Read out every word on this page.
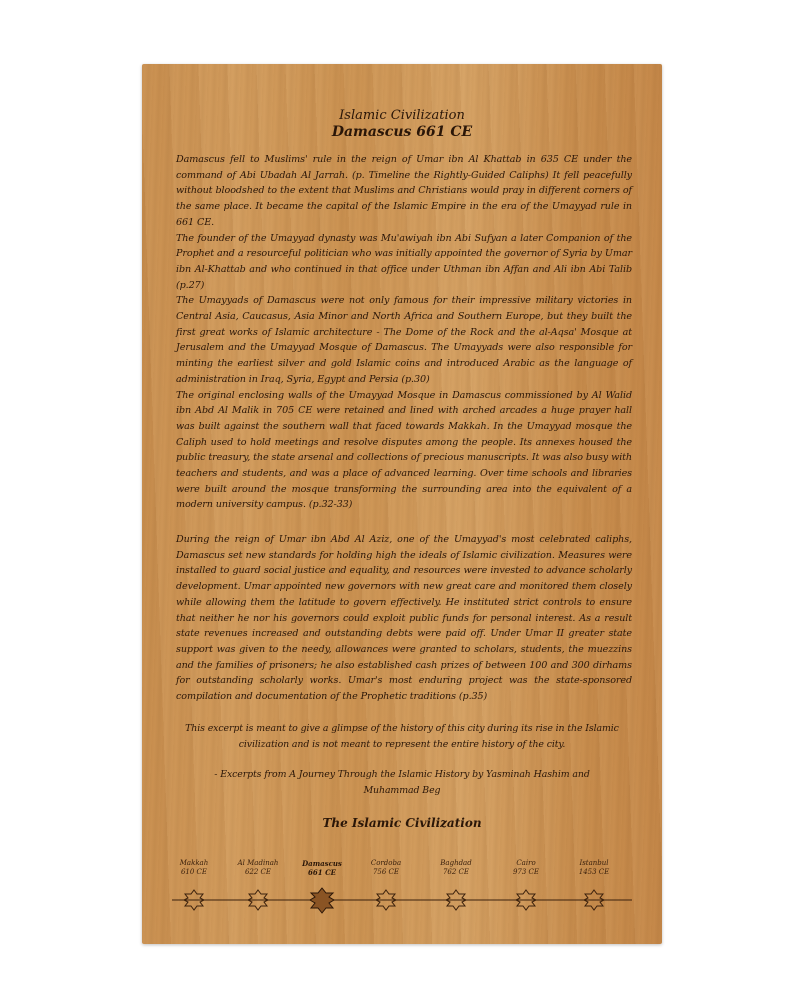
Islamic Civilization
Damascus 661 CE

Damascus fell to Muslims' rule in the reign of Umar ibn Al Khattab in 635 CE under the command of Abi Ubadah Al Jarrah. (p. Timeline the Rightly-Guided Caliphs) It fell peacefully without bloodshed to the extent that Muslims and Christians would pray in different corners of the same place. It became the capital of the Islamic Empire in the era of the Umayyad rule in 661 CE.
The founder of the Umayyad dynasty was Mu'awiyah ibn Abi Sufyan a later Companion of the Prophet and a resourceful politician who was initially appointed the governor of Syria by Umar ibn Al-Khattab and who continued in that office under Uthman ibn Affan and Ali ibn Abi Talib (p.27)
The Umayyads of Damascus were not only famous for their impressive military victories in Central Asia, Caucasus, Asia Minor and North Africa and Southern Europe, but they built the first great works of Islamic architecture - The Dome of the Rock and the al-Aqsa' Mosque at Jerusalem and the Umayyad Mosque of Damascus. The Umayyads were also responsible for minting the earliest silver and gold Islamic coins and introduced Arabic as the language of administration in Iraq, Syria, Egypt and Persia (p.30)
The original enclosing walls of the Umayyad Mosque in Damascus commissioned by Al Walid ibn Abd Al Malik in 705 CE were retained and lined with arched arcades a huge prayer hall was built against the southern wall that faced towards Makkah. In the Umayyad mosque the Caliph used to hold meetings and resolve disputes among the people. Its annexes housed the public treasury, the state arsenal and collections of precious manuscripts. It was also busy with teachers and students, and was a place of advanced learning. Over time schools and libraries were built around the mosque transforming the surrounding area into the equivalent of a modern university campus. (p.32-33)

During the reign of Umar ibn Abd Al Aziz, one of the Umayyad's most celebrated caliphs, Damascus set new standards for holding high the ideals of Islamic civilization. Measures were installed to guard social justice and equality, and resources were invested to advance scholarly development. Umar appointed new governors with new great care and monitored them closely while allowing them the latitude to govern effectively. He instituted strict controls to ensure that neither he nor his governors could exploit public funds for personal interest. As a result state revenues increased and outstanding debts were paid off. Under Umar II greater state support was given to the needy, allowances were granted to scholars, students, the muezzins and the families of prisoners; he also established cash prizes of between 100 and 300 dirhams for outstanding scholarly works. Umar's most enduring project was the state-sponsored compilation and documentation of the Prophetic traditions (p.35)

This excerpt is meant to give a glimpse of the history of this city during its rise in the Islamic civilization and is not meant to represent the entire history of the city.

- Excerpts from A Journey Through the Islamic History by Yasminah Hashim and Muhammad Beg

The Islamic Civilization
Makkah
610 CE
Al Madinah
622 CE
Damascus
661 CE
Cordoba
756 CE
Baghdad
762 CE
Cairo
973 CE
Istanbul
1453 CE
